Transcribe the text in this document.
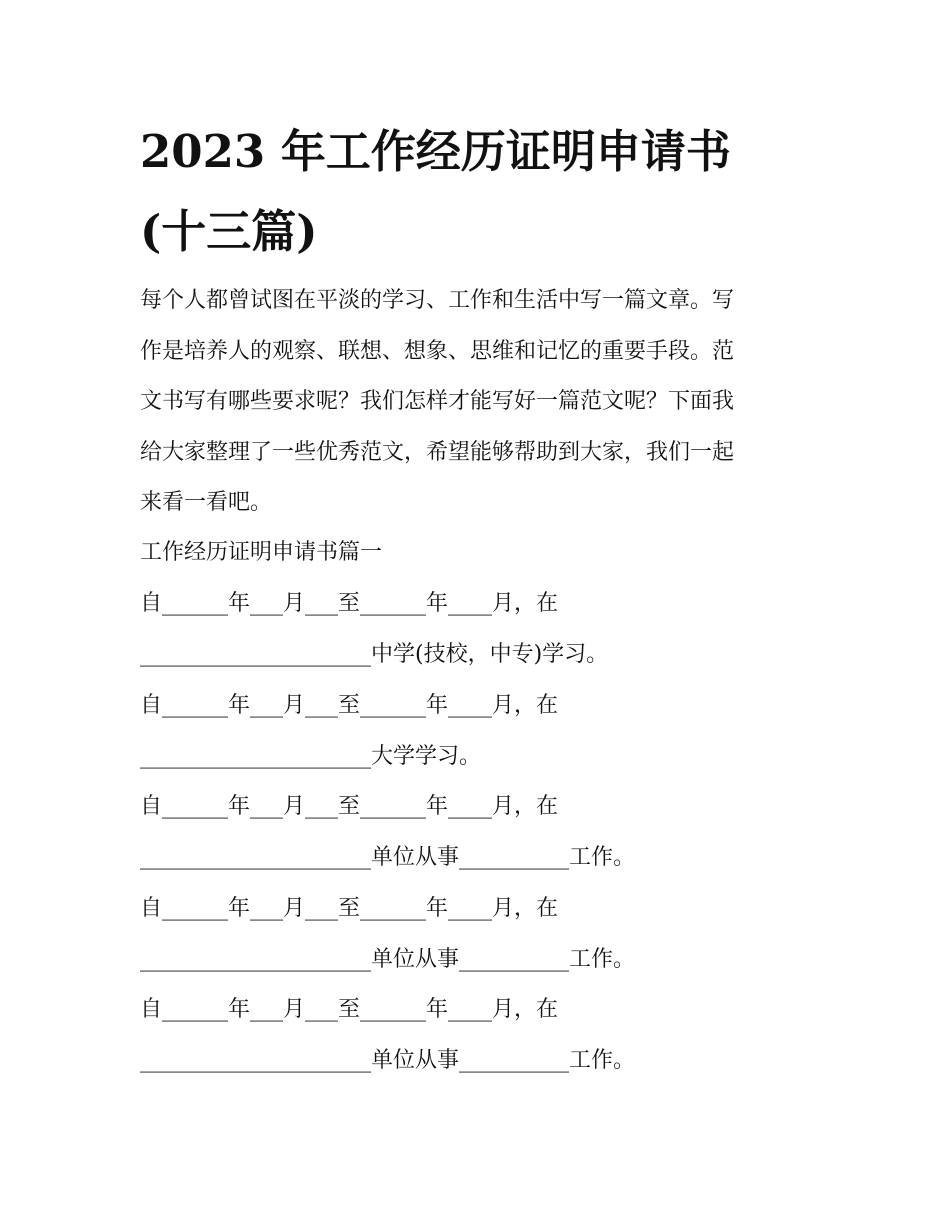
2023 年工作经历证明申请书
(十三篇)

每个人都曾试图在平淡的学习、工作和生活中写一篇文章。写
作是培养人的观察、联想、想象、思维和记忆的重要手段。范
文书写有哪些要求呢？我们怎样才能写好一篇范文呢？下面我
给大家整理了一些优秀范文，希望能够帮助到大家，我们一起
来看一看吧。

工作经历证明申请书篇一

自______年___月___至______年____月，在

_____________________中学(技校，中专)学习。

自______年___月___至______年____月，在

_____________________大学学习。

自______年___月___至______年____月，在

_____________________单位从事__________工作。

自______年___月___至______年____月，在

_____________________单位从事__________工作。

自______年___月___至______年____月，在

_____________________单位从事__________工作。
